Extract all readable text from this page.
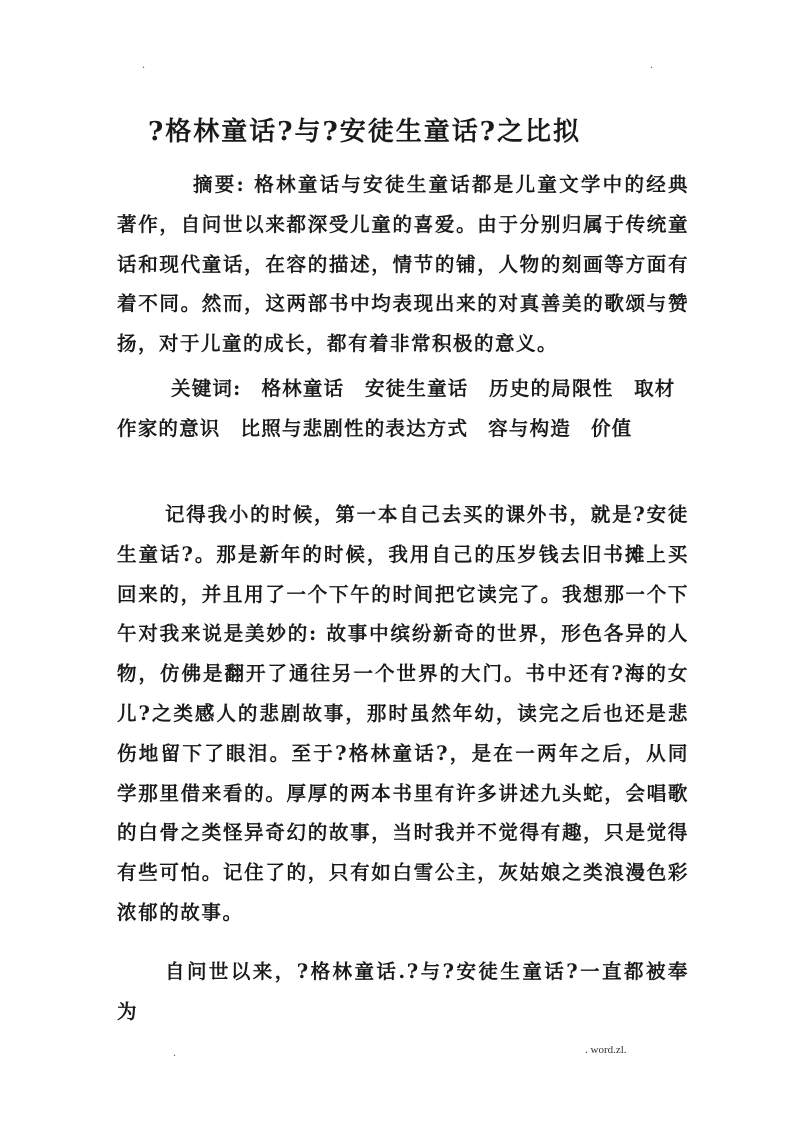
.	.
?格林童话?与?安徒生童话?之比拟

摘要: 格林童话与安徒生童话都是儿童文学中的经典著作，自问世以来都深受儿童的喜爱。由于分别归属于传统童话和现代童话，在容的描述，情节的铺，人物的刻画等方面有着不同。然而，这两部书中均表现出来的对真善美的歌颂与赞扬，对于儿童的成长，都有着非常积极的意义。

关键词: 格林童话　安徒生童话　历史的局限性　取材 作家的意识 比照与悲剧性的表达方式 容与构造 价值

记得我小的时候，第一本自己去买的课外书，就是?安徒生童话?。那是新年的时候，我用自己的压岁钱去旧书摊上买回来的，并且用了一个下午的时间把它读完了。我想那一个下午对我来说是美妙的: 故事中缤纷新奇的世界，形色各异的人物，仿佛是翻开了通往另一个世界的大门。书中还有?海的女儿?之类感人的悲剧故事，那时虽然年幼，读完之后也还是悲伤地留下了眼泪。至于?格林童话?，是在一两年之后，从同学那里借来看的。厚厚的两本书里有许多讲述九头蛇，会唱歌的白骨之类怪异奇幻的故事，当时我并不觉得有趣，只是觉得有些可怕。记住了的，只有如白雪公主，灰姑娘之类浪漫色彩浓郁的故事。

自问世以来，?格林童话.?与?安徒生童话?一直都被奉为

.	. word.zl.
